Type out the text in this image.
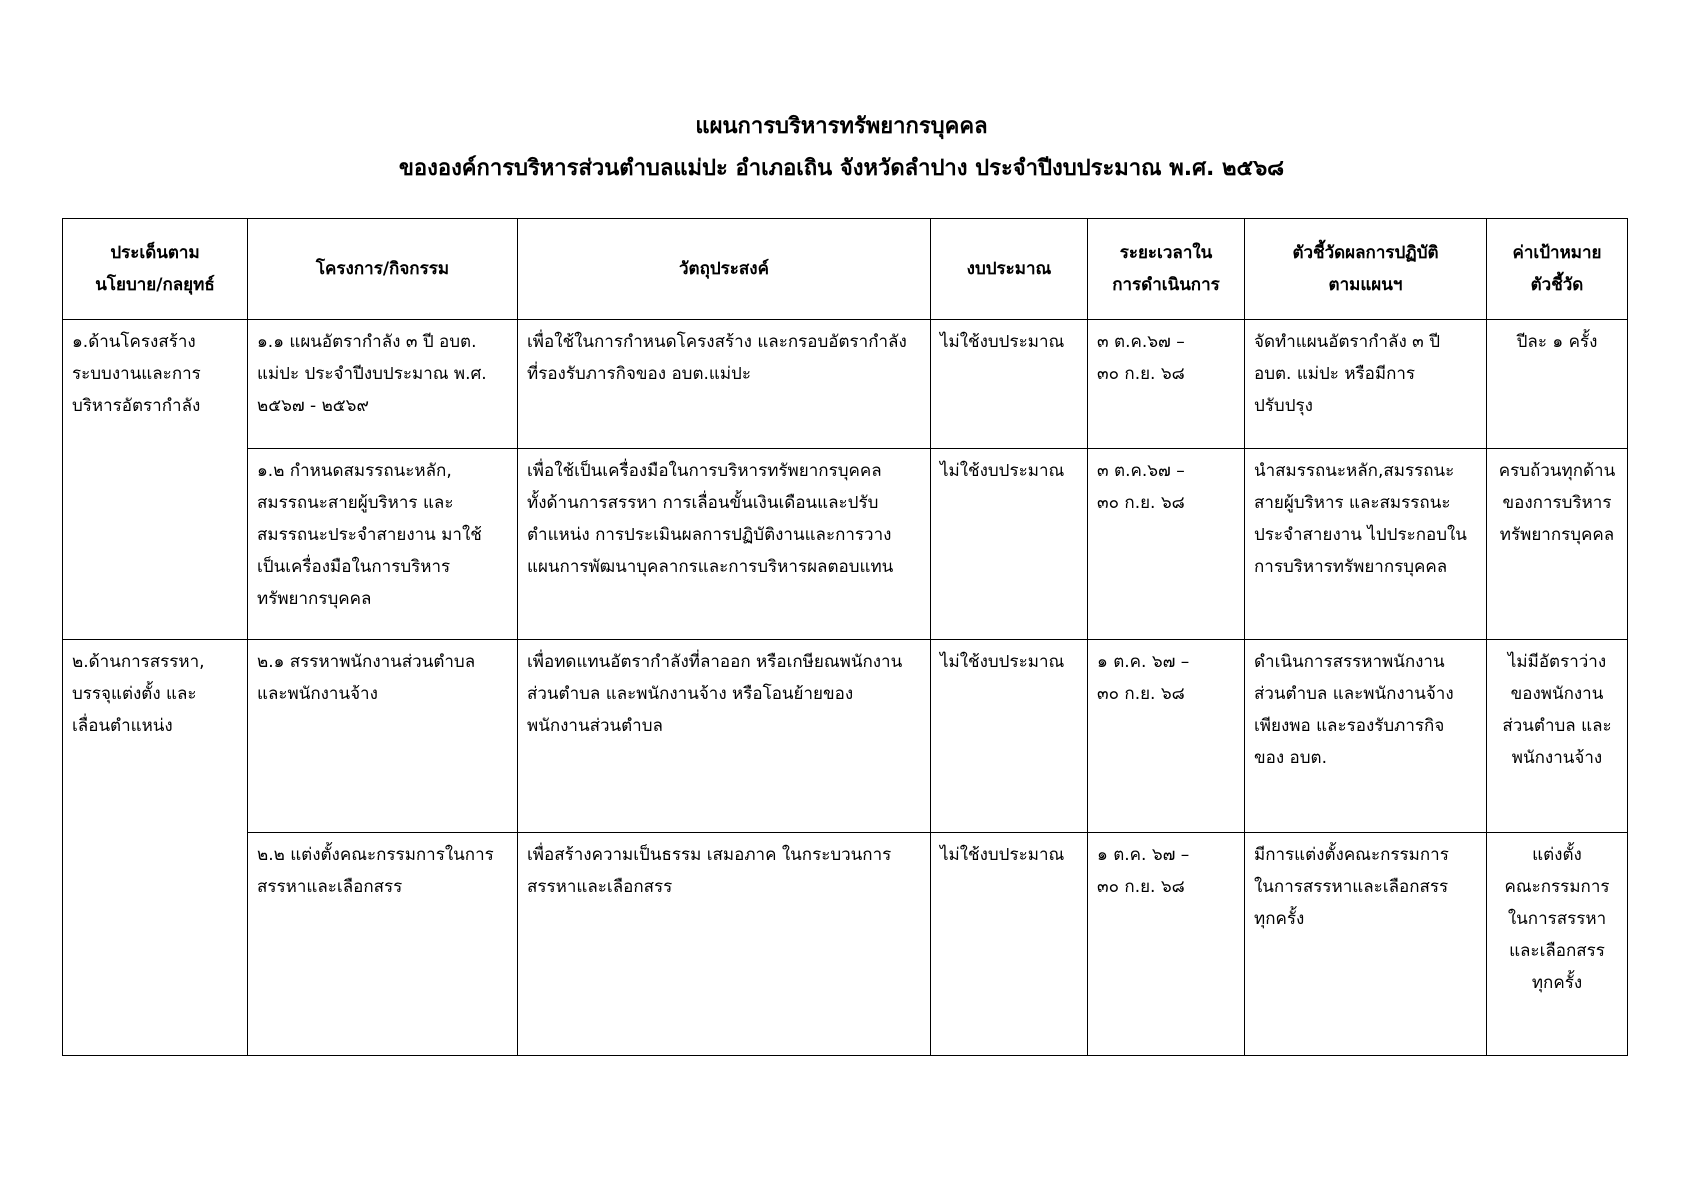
แผนการบริหารทรัพยากรบุคคล
ขององค์การบริหารส่วนตำบลแม่ปะ อำเภอเถิน จังหวัดลำปาง ประจำปีงบประมาณ พ.ศ. ๒๕๖๘
ประเด็นตาม
นโยบาย/กลยุทธ์	โครงการ/กิจกรรม	วัตถุประสงค์	งบประมาณ	ระยะเวลาใน
การดำเนินการ	ตัวชี้วัดผลการปฏิบัติ
ตามแผนฯ	ค่าเป้าหมาย
ตัวชี้วัด

๑.ด้านโครงสร้าง
ระบบงานและการ
บริหารอัตรากำลัง	๑.๑ แผนอัตรากำลัง ๓ ปี อบต.
แม่ปะ ประจำปีงบประมาณ พ.ศ.
๒๕๖๗ - ๒๕๖๙	เพื่อใช้ในการกำหนดโครงสร้าง และกรอบอัตรากำลัง
ที่รองรับภารกิจของ อบต.แม่ปะ	ไม่ใช้งบประมาณ	๓ ต.ค.๖๗ –
๓๐ ก.ย. ๖๘	จัดทำแผนอัตรากำลัง ๓ ปี
อบต. แม่ปะ หรือมีการ
ปรับปรุง	ปีละ ๑ ครั้ง

	๑.๒ กำหนดสมรรถนะหลัก,
สมรรถนะสายผู้บริหาร และ
สมรรถนะประจำสายงาน มาใช้
เป็นเครื่องมือในการบริหาร
ทรัพยากรบุคคล	เพื่อใช้เป็นเครื่องมือในการบริหารทรัพยากรบุคคล
ทั้งด้านการสรรหา การเลื่อนขั้นเงินเดือนและปรับ
ตำแหน่ง การประเมินผลการปฏิบัติงานและการวาง
แผนการพัฒนาบุคลากรและการบริหารผลตอบแทน	ไม่ใช้งบประมาณ	๓ ต.ค.๖๗ –
๓๐ ก.ย. ๖๘	นำสมรรถนะหลัก,สมรรถนะ
สายผู้บริหาร และสมรรถนะ
ประจำสายงาน ไปประกอบใน
การบริหารทรัพยากรบุคคล	ครบถ้วนทุกด้าน
ของการบริหาร
ทรัพยากรบุคคล

๒.ด้านการสรรหา,
บรรจุแต่งตั้ง และ
เลื่อนตำแหน่ง	๒.๑ สรรหาพนักงานส่วนตำบล
และพนักงานจ้าง	เพื่อทดแทนอัตรากำลังที่ลาออก หรือเกษียณพนักงาน
ส่วนตำบล และพนักงานจ้าง หรือโอนย้ายของ
พนักงานส่วนตำบล	ไม่ใช้งบประมาณ	๑ ต.ค. ๖๗ –
๓๐ ก.ย. ๖๘	ดำเนินการสรรหาพนักงาน
ส่วนตำบล และพนักงานจ้าง
เพียงพอ และรองรับภารกิจ
ของ อบต.	ไม่มีอัตราว่าง
ของพนักงาน
ส่วนตำบล และ
พนักงานจ้าง

	๒.๒ แต่งตั้งคณะกรรมการในการ
สรรหาและเลือกสรร	เพื่อสร้างความเป็นธรรม เสมอภาค ในกระบวนการ
สรรหาและเลือกสรร	ไม่ใช้งบประมาณ	๑ ต.ค. ๖๗ –
๓๐ ก.ย. ๖๘	มีการแต่งตั้งคณะกรรมการ
ในการสรรหาและเลือกสรร
ทุกครั้ง	แต่งตั้ง
คณะกรรมการ
ในการสรรหา
และเลือกสรร
ทุกครั้ง
